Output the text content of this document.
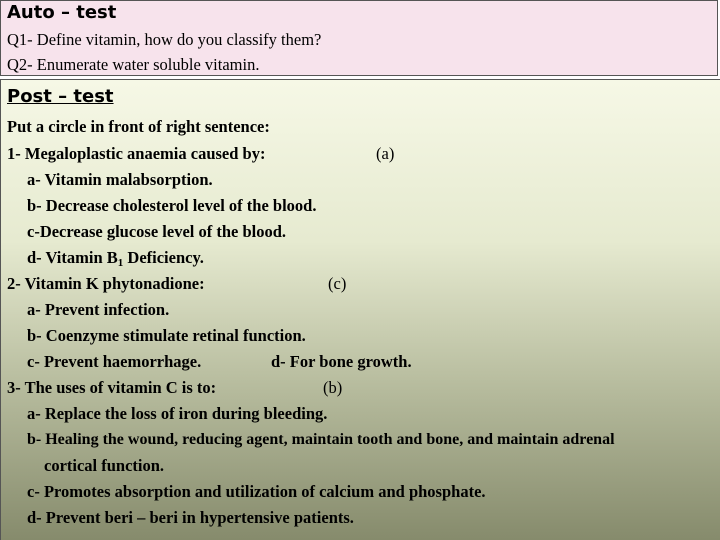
Auto – test
Q1- Define vitamin, how do you classify them?
Q2- Enumerate water soluble vitamin.
Post – test
Put a circle in front of right sentence:
1- Megaloplastic anaemia caused by:	(a)
a- Vitamin malabsorption.
b- Decrease cholesterol level of the blood.
c-Decrease glucose level of the blood.
d- Vitamin $B_1$ Deficiency.
2- Vitamin K phytonadione:	(c)
a- Prevent infection.
b- Coenzyme stimulate retinal function.
c- Prevent haemorrhage.	d- For bone growth.
3- The uses of vitamin C is to:	(b)
a- Replace the loss of iron during bleeding.
b- Healing the wound, reducing agent, maintain tooth and bone, and maintain adrenal
cortical function.
c- Promotes absorption and utilization of calcium and phosphate.
d- Prevent beri – beri in hypertensive patients.
